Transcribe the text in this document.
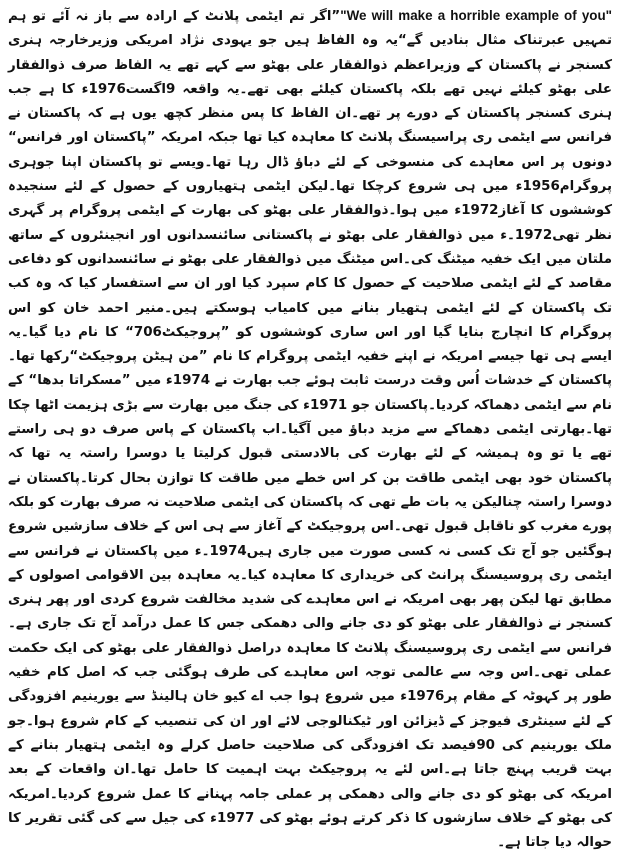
"We will make a horrible example of you"”اگر تم ایٹمی پلانٹ کے ارادہ سے باز نہ آئے تو ہم تمہیں عبرتناک مثال بنادیں گے“یہ وہ الفاظ ہیں جو یہودی نژاد امریکی وزیرخارجہ ہنری کسنجر نے پاکستان کے وزیراعظم ذوالفقار علی بھٹو سے کہے تھے یہ الفاظ صرف ذوالفقار علی بھٹو کیلئے نہیں تھے بلکہ پاکستان کیلئے بھی تھے۔یہ واقعہ 9اگست1976ء کا ہے جب ہنری کسنجر پاکستان کے دورے پر تھے۔ان الفاظ کا پس منظر کچھ یوں ہے کہ پاکستان نے فرانس سے ایٹمی ری پراسیسنگ پلانٹ کا معاہدہ کیا تھا جبکہ امریکہ ”پاکستان اور فرانس“ دونوں پر اس معاہدے کی منسوخی کے لئے دباؤ ڈال رہا تھا۔ویسے تو پاکستان اپنا جوہری پروگرام1956ء میں ہی شروع کرچکا تھا۔لیکن ایٹمی ہتھیاروں کے حصول کے لئے سنجیدہ کوششوں کا آغاز1972ء میں ہوا۔ذوالفقار علی بھٹو کی بھارت کے ایٹمی پروگرام پر گہری نظر تھی1972۔ء میں ذوالفقار علی بھٹو نے پاکستانی سائنسدانوں اور انجینئروں کے ساتھ ملتان میں ایک خفیہ میٹنگ کی۔اس میٹنگ میں ذوالفقار علی بھٹو نے سائنسدانوں کو دفاعی مقاصد کے لئے ایٹمی صلاحیت کے حصول کا کام سپرد کیا اور ان سے استفسار کیا کہ وہ کب تک پاکستان کے لئے ایٹمی ہتھیار بنانے میں کامیاب ہوسکتے ہیں۔منیر احمد خان کو اس پروگرام کا انچارج بنایا گیا اور اس ساری کوششوں کو ”پروجیکٹ706“ کا نام دیا گیا۔یہ ایسے ہی تھا جیسے امریکہ نے اپنے خفیہ ایٹمی پروگرام کا نام ”من ہیٹن پروجیکٹ“رکھا تھا۔پاکستان کے خدشات اُس وقت درست ثابت ہوئے جب بھارت نے 1974ء میں ”مسکراتا بدھا“ کے نام سے ایٹمی دھماکہ کردیا۔پاکستان جو 1971ء کی جنگ میں بھارت سے بڑی ہزیمت اٹھا چکا تھا۔بھارتی ایٹمی دھماکے سے مزید دباؤ میں آگیا۔اب پاکستان کے پاس صرف دو ہی راستے تھے یا تو وہ ہمیشہ کے لئے بھارت کی بالادستی قبول کرلیتا یا دوسرا راستہ یہ تھا کہ پاکستان خود بھی ایٹمی طاقت بن کر اس خطے میں طاقت کا توازن بحال کرتا۔پاکستان نے دوسرا راستہ چنالیکن یہ بات طے تھی کہ پاکستان کی ایٹمی صلاحیت نہ صرف بھارت کو بلکہ پورے مغرب کو ناقابل قبول تھی۔اس پروجیکٹ کے آغاز سے ہی اس کے خلاف سازشیں شروع ہوگئیں جو آج تک کسی نہ کسی صورت میں جاری ہیں1974۔ء میں پاکستان نے فرانس سے ایٹمی ری پروسیسنگ پرانٹ کی خریداری کا معاہدہ کیا۔یہ معاہدہ بین الاقوامی اصولوں کے مطابق تھا لیکن پھر بھی امریکہ نے اس معاہدے کی شدید مخالفت شروع کردی اور پھر ہنری کسنجر نے ذوالفقار علی بھٹو کو دی جانے والی دھمکی جس کا عمل درآمد آج تک جاری ہے۔فرانس سے ایٹمی ری پروسیسنگ پلانٹ کا معاہدہ دراصل ذوالفقار علی بھٹو کی ایک حکمت عملی تھی۔اس وجہ سے عالمی توجہ اس معاہدے کی طرف ہوگئی جب کہ اصل کام خفیہ طور پر کہوٹہ کے مقام پر1976ء میں شروع ہوا جب اے کیو خان ہالینڈ سے یورینیم افزودگی کے لئے سینٹری فیوجز کے ڈیزائن اور ٹیکنالوجی لائے اور ان کی تنصیب کے کام شروع ہوا۔جو ملک یورینیم کی 90فیصد تک افزودگی کی صلاحیت حاصل کرلے وہ ایٹمی ہتھیار بنانے کے بہت قریب پہنچ جاتا ہے۔اس لئے یہ پروجیکٹ بہت اہمیت کا حامل تھا۔ان واقعات کے بعد امریکہ کی بھٹو کو دی جانے والی دھمکی پر عملی جامہ پہنانے کا عمل شروع کردیا۔امریکہ کی بھٹو کے خلاف سازشوں کا ذکر کرتے ہوئے بھٹو کی 1977ء کی جیل سے کی گئی تقریر کا حوالہ دیا جاتا ہے۔
